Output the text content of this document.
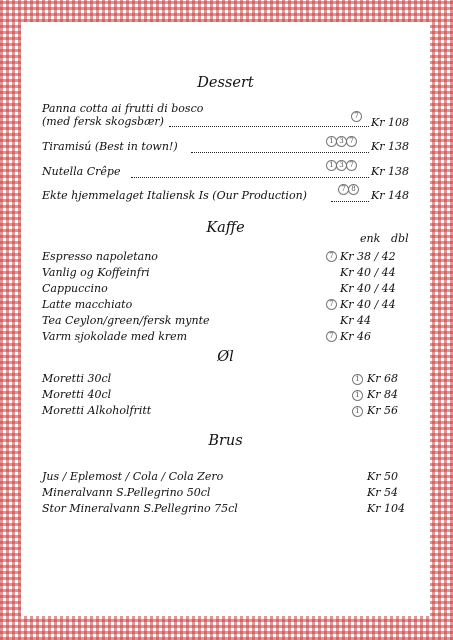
Dessert
Panna cotta ai frutti di bosco
(med fersk skogsbær)	7 Kr 108
Tiramisú (Best in town!)	1 3 7 Kr 138
Nutella Crêpe	1 3 7 Kr 138
Ekte hjemmelaget Italiensk Is (Our Production)	7 8 Kr 148
Kaffe
enk dbl
Espresso napoletano	7 Kr 38 / 42
Vanlig og Koffeinfri	Kr 40 / 44
Cappuccino	Kr 40 / 44
Latte macchiato	7 Kr 40 / 44
Tea Ceylon/green/fersk mynte	Kr 44
Varm sjokolade med krem	7 Kr 46
Øl
Moretti 30cl	1 Kr 68
Moretti 40cl	1 Kr 84
Moretti Alkoholfritt	1 Kr 56
Brus
Jus / Eplemost / Cola / Cola Zero	Kr 50
Mineralvann S.Pellegrino 50cl	Kr 54
Stor Mineralvann S.Pellegrino 75cl	Kr 104
